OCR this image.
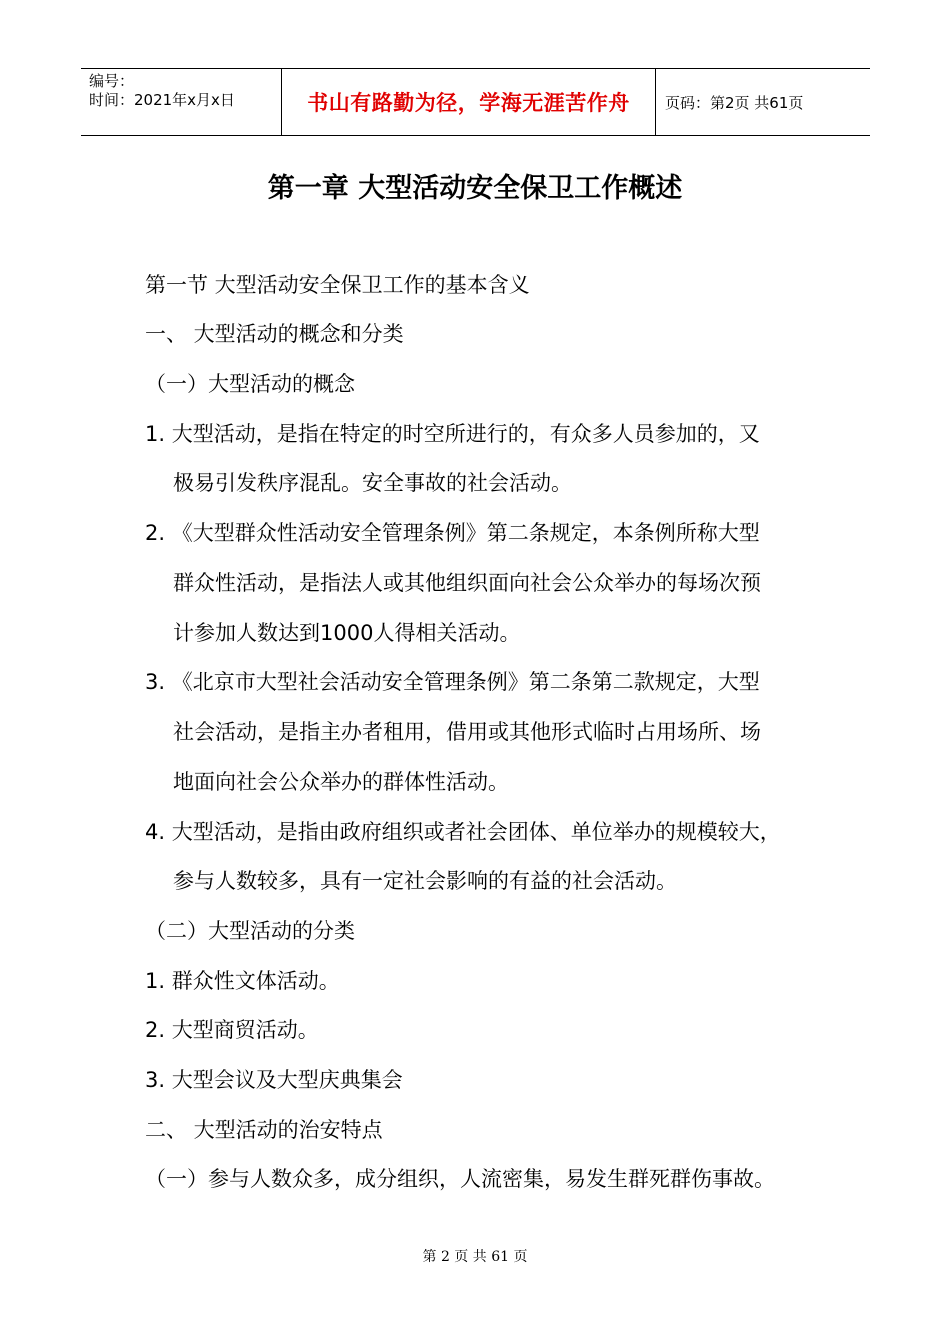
编号：
时间：2021年x月x日	书山有路勤为径，学海无涯苦作舟 页码：第2页 共61页
第一章 大型活动安全保卫工作概述
第一节 大型活动安全保卫工作的基本含义
一、 大型活动的概念和分类
（一）大型活动的概念
1. 大型活动，是指在特定的时空所进行的，有众多人员参加的，又
极易引发秩序混乱。安全事故的社会活动。
2. 《大型群众性活动安全管理条例》第二条规定，本条例所称大型
群众性活动，是指法人或其他组织面向社会公众举办的每场次预
计参加人数达到1000人得相关活动。
3. 《北京市大型社会活动安全管理条例》第二条第二款规定，大型
社会活动，是指主办者租用，借用或其他形式临时占用场所、场
地面向社会公众举办的群体性活动。
4. 大型活动，是指由政府组织或者社会团体、单位举办的规模较大，
参与人数较多，具有一定社会影响的有益的社会活动。
（二）大型活动的分类
1. 群众性文体活动。
2. 大型商贸活动。
3. 大型会议及大型庆典集会
二、 大型活动的治安特点
（一）参与人数众多，成分组织，人流密集，易发生群死群伤事故。
第 2 页 共 61 页
